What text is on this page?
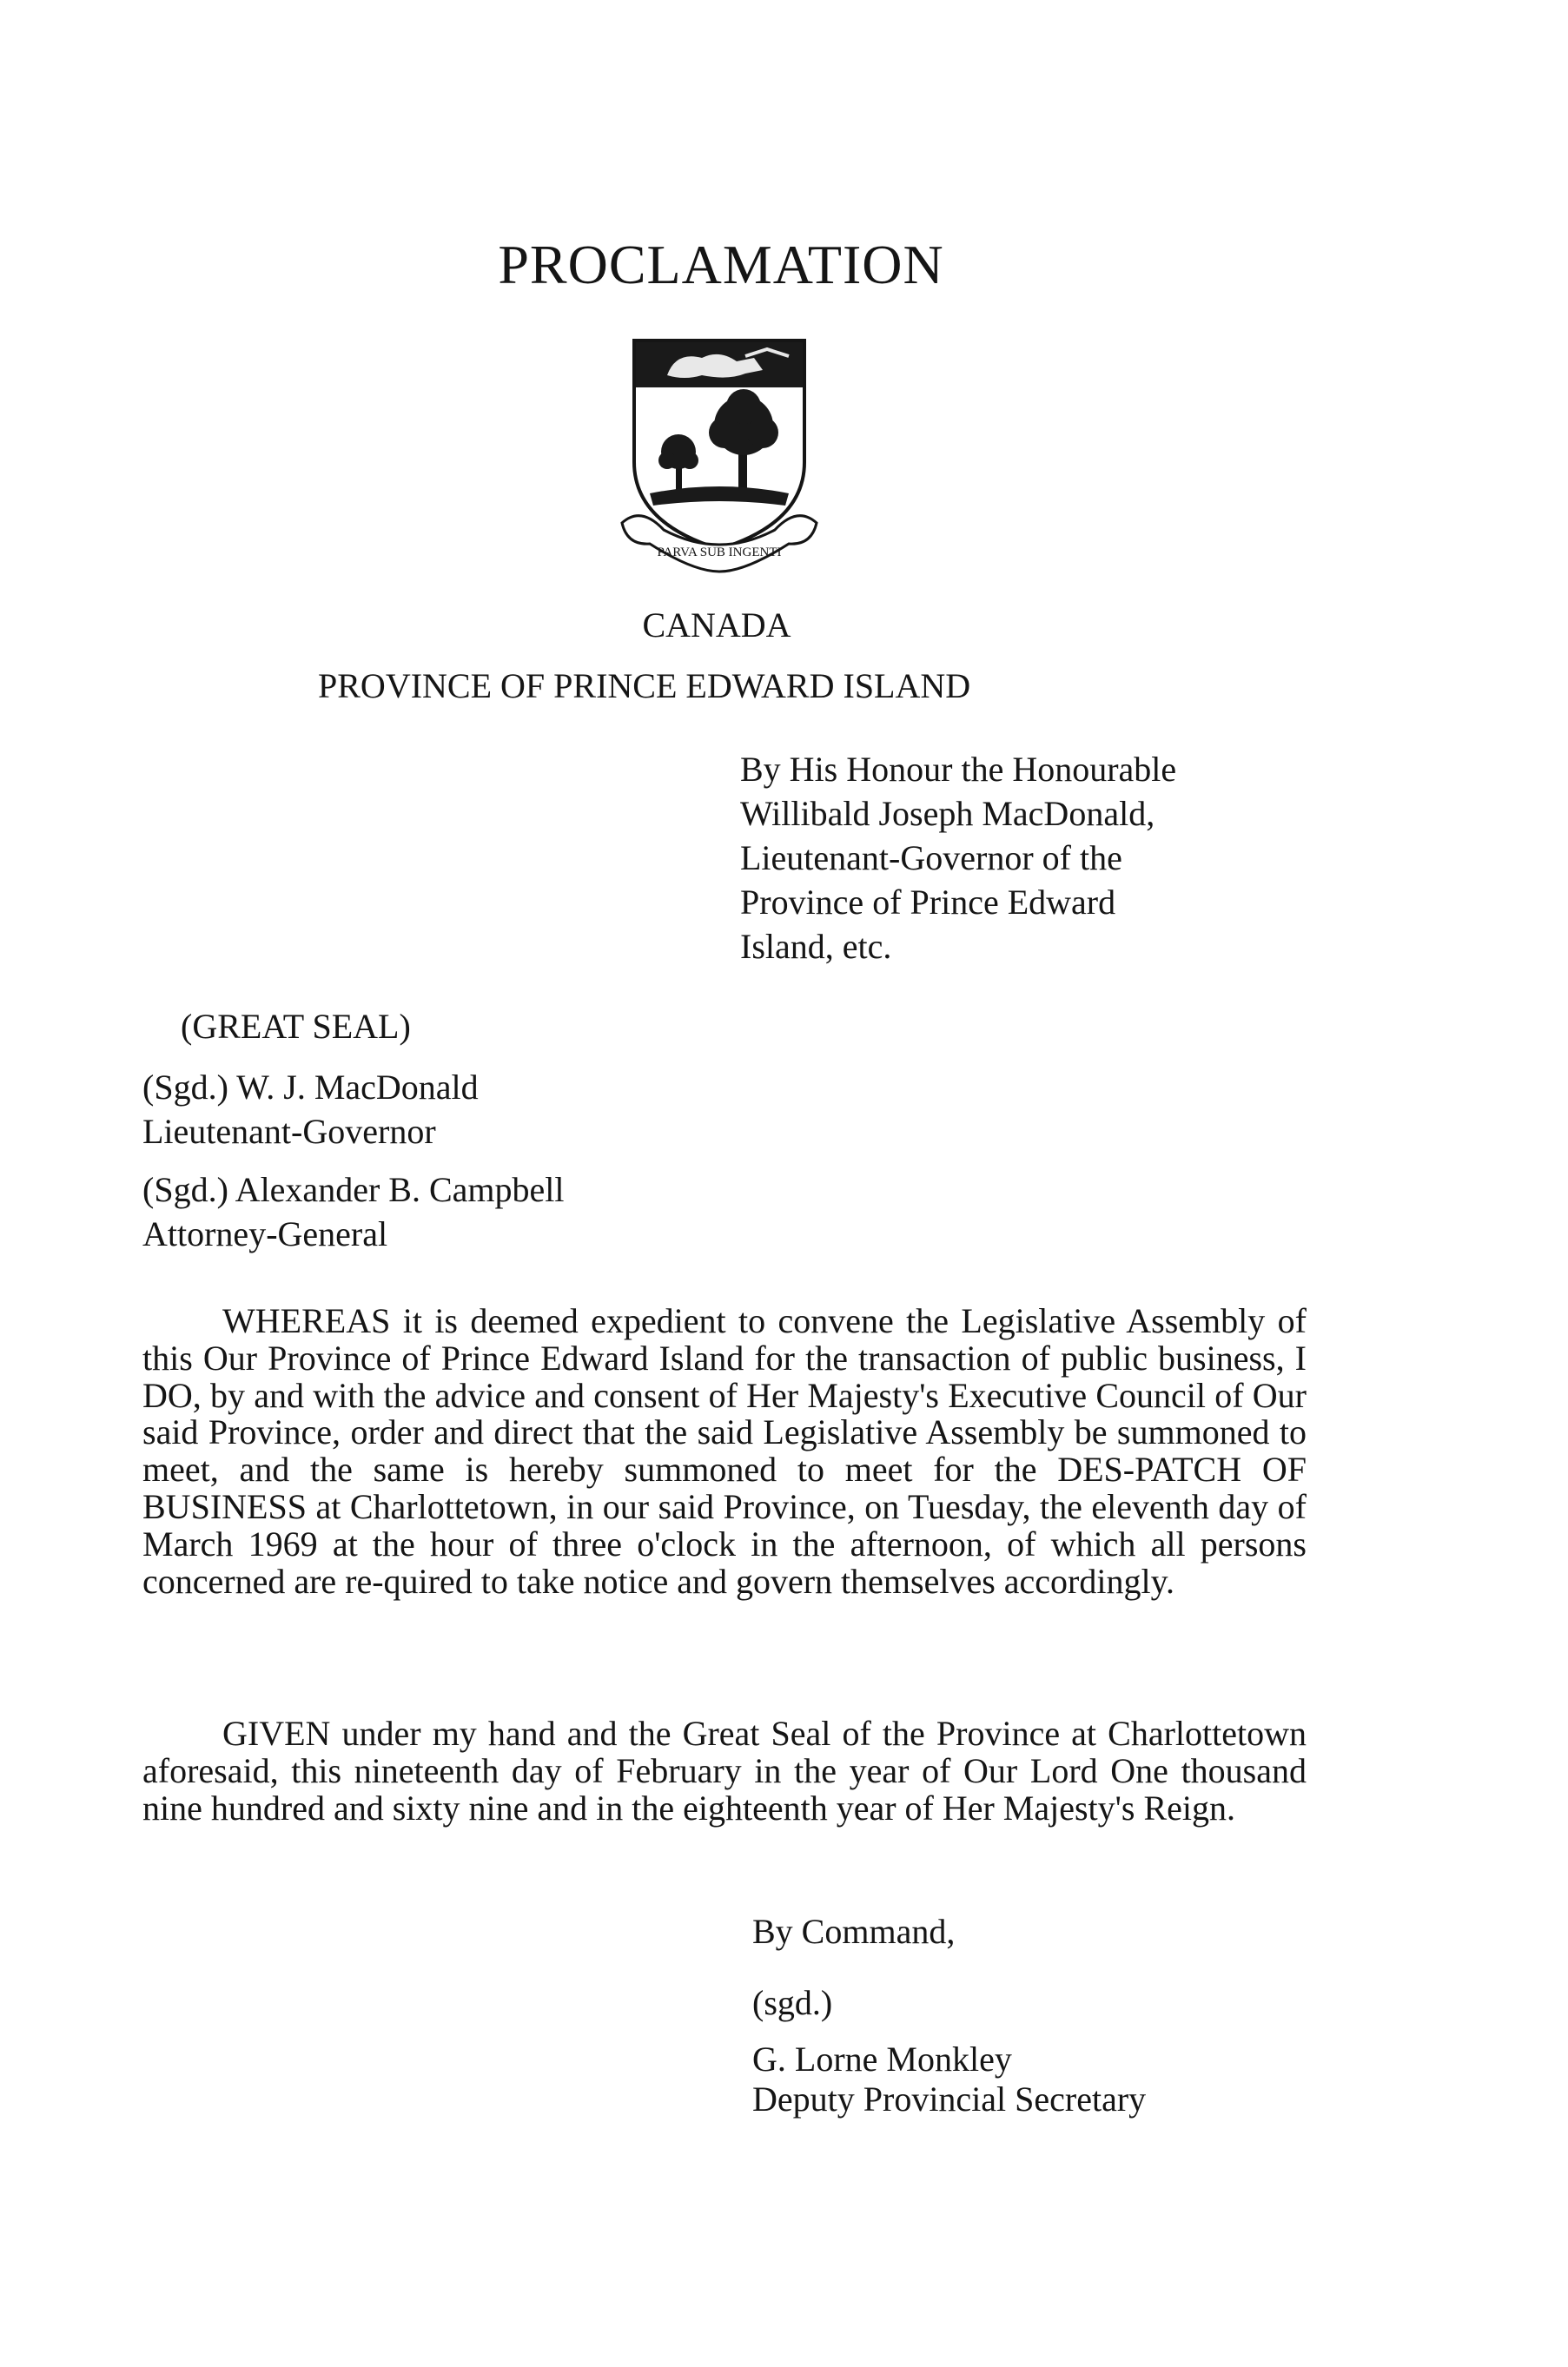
PROCLAMATION
PARVA SUB INGENTI
CANADA
PROVINCE OF PRINCE EDWARD ISLAND
By His Honour the Honourable
Willibald Joseph MacDonald,
Lieutenant-Governor of the
Province of Prince Edward
Island, etc.
(GREAT SEAL)
(Sgd.) W. J. MacDonald
Lieutenant-Governor
(Sgd.) Alexander B. Campbell
Attorney-General
WHEREAS it is deemed expedient to convene the Legislative Assembly of this Our Province of Prince Edward Island for the transaction of public business, I DO, by and with the advice and consent of Her Majesty's Executive Council of Our said Province, order and direct that the said Legislative Assembly be summoned to meet, and the same is hereby summoned to meet for the DES-PATCH OF BUSINESS at Charlottetown, in our said Province, on Tuesday, the eleventh day of March 1969 at the hour of three o'clock in the afternoon, of which all persons concerned are re-quired to take notice and govern themselves accordingly.
GIVEN under my hand and the Great Seal of the Province at Charlottetown aforesaid, this nineteenth day of February in the year of Our Lord One thousand nine hundred and sixty nine and in the eighteenth year of Her Majesty's Reign.
By Command,
(sgd.)
G. Lorne Monkley
Deputy Provincial Secretary
